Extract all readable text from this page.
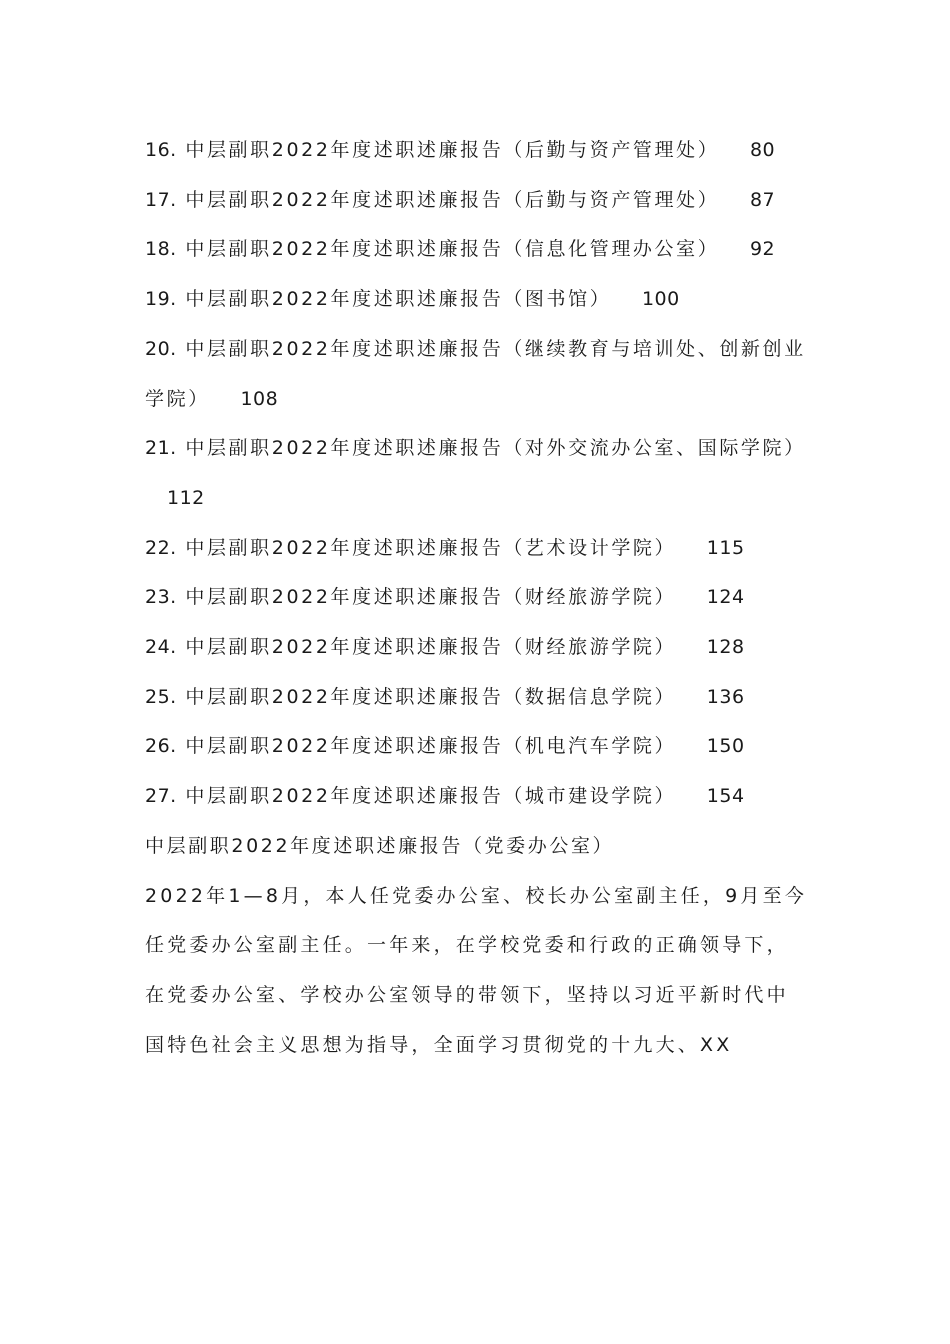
16. 中层副职2022年度述职述廉报告（后勤与资产管理处） 80
17. 中层副职2022年度述职述廉报告（后勤与资产管理处） 87
18. 中层副职2022年度述职述廉报告（信息化管理办公室） 92
19. 中层副职2022年度述职述廉报告（图书馆） 100
20. 中层副职2022年度述职述廉报告（继续教育与培训处、创新创业学院） 108
21. 中层副职2022年度述职述廉报告（对外交流办公室、国际学院） 112
22. 中层副职2022年度述职述廉报告（艺术设计学院） 115
23. 中层副职2022年度述职述廉报告（财经旅游学院） 124
24. 中层副职2022年度述职述廉报告（财经旅游学院） 128
25. 中层副职2022年度述职述廉报告（数据信息学院） 136
26. 中层副职2022年度述职述廉报告（机电汽车学院） 150
27. 中层副职2022年度述职述廉报告（城市建设学院） 154
中层副职2022年度述职述廉报告（党委办公室）
2022年1—8月，本人任党委办公室、校长办公室副主任，9月至今任党委办公室副主任。一年来，在学校党委和行政的正确领导下，在党委办公室、学校办公室领导的带领下，坚持以习近平新时代中国特色社会主义思想为指导，全面学习贯彻党的十九大、XX
